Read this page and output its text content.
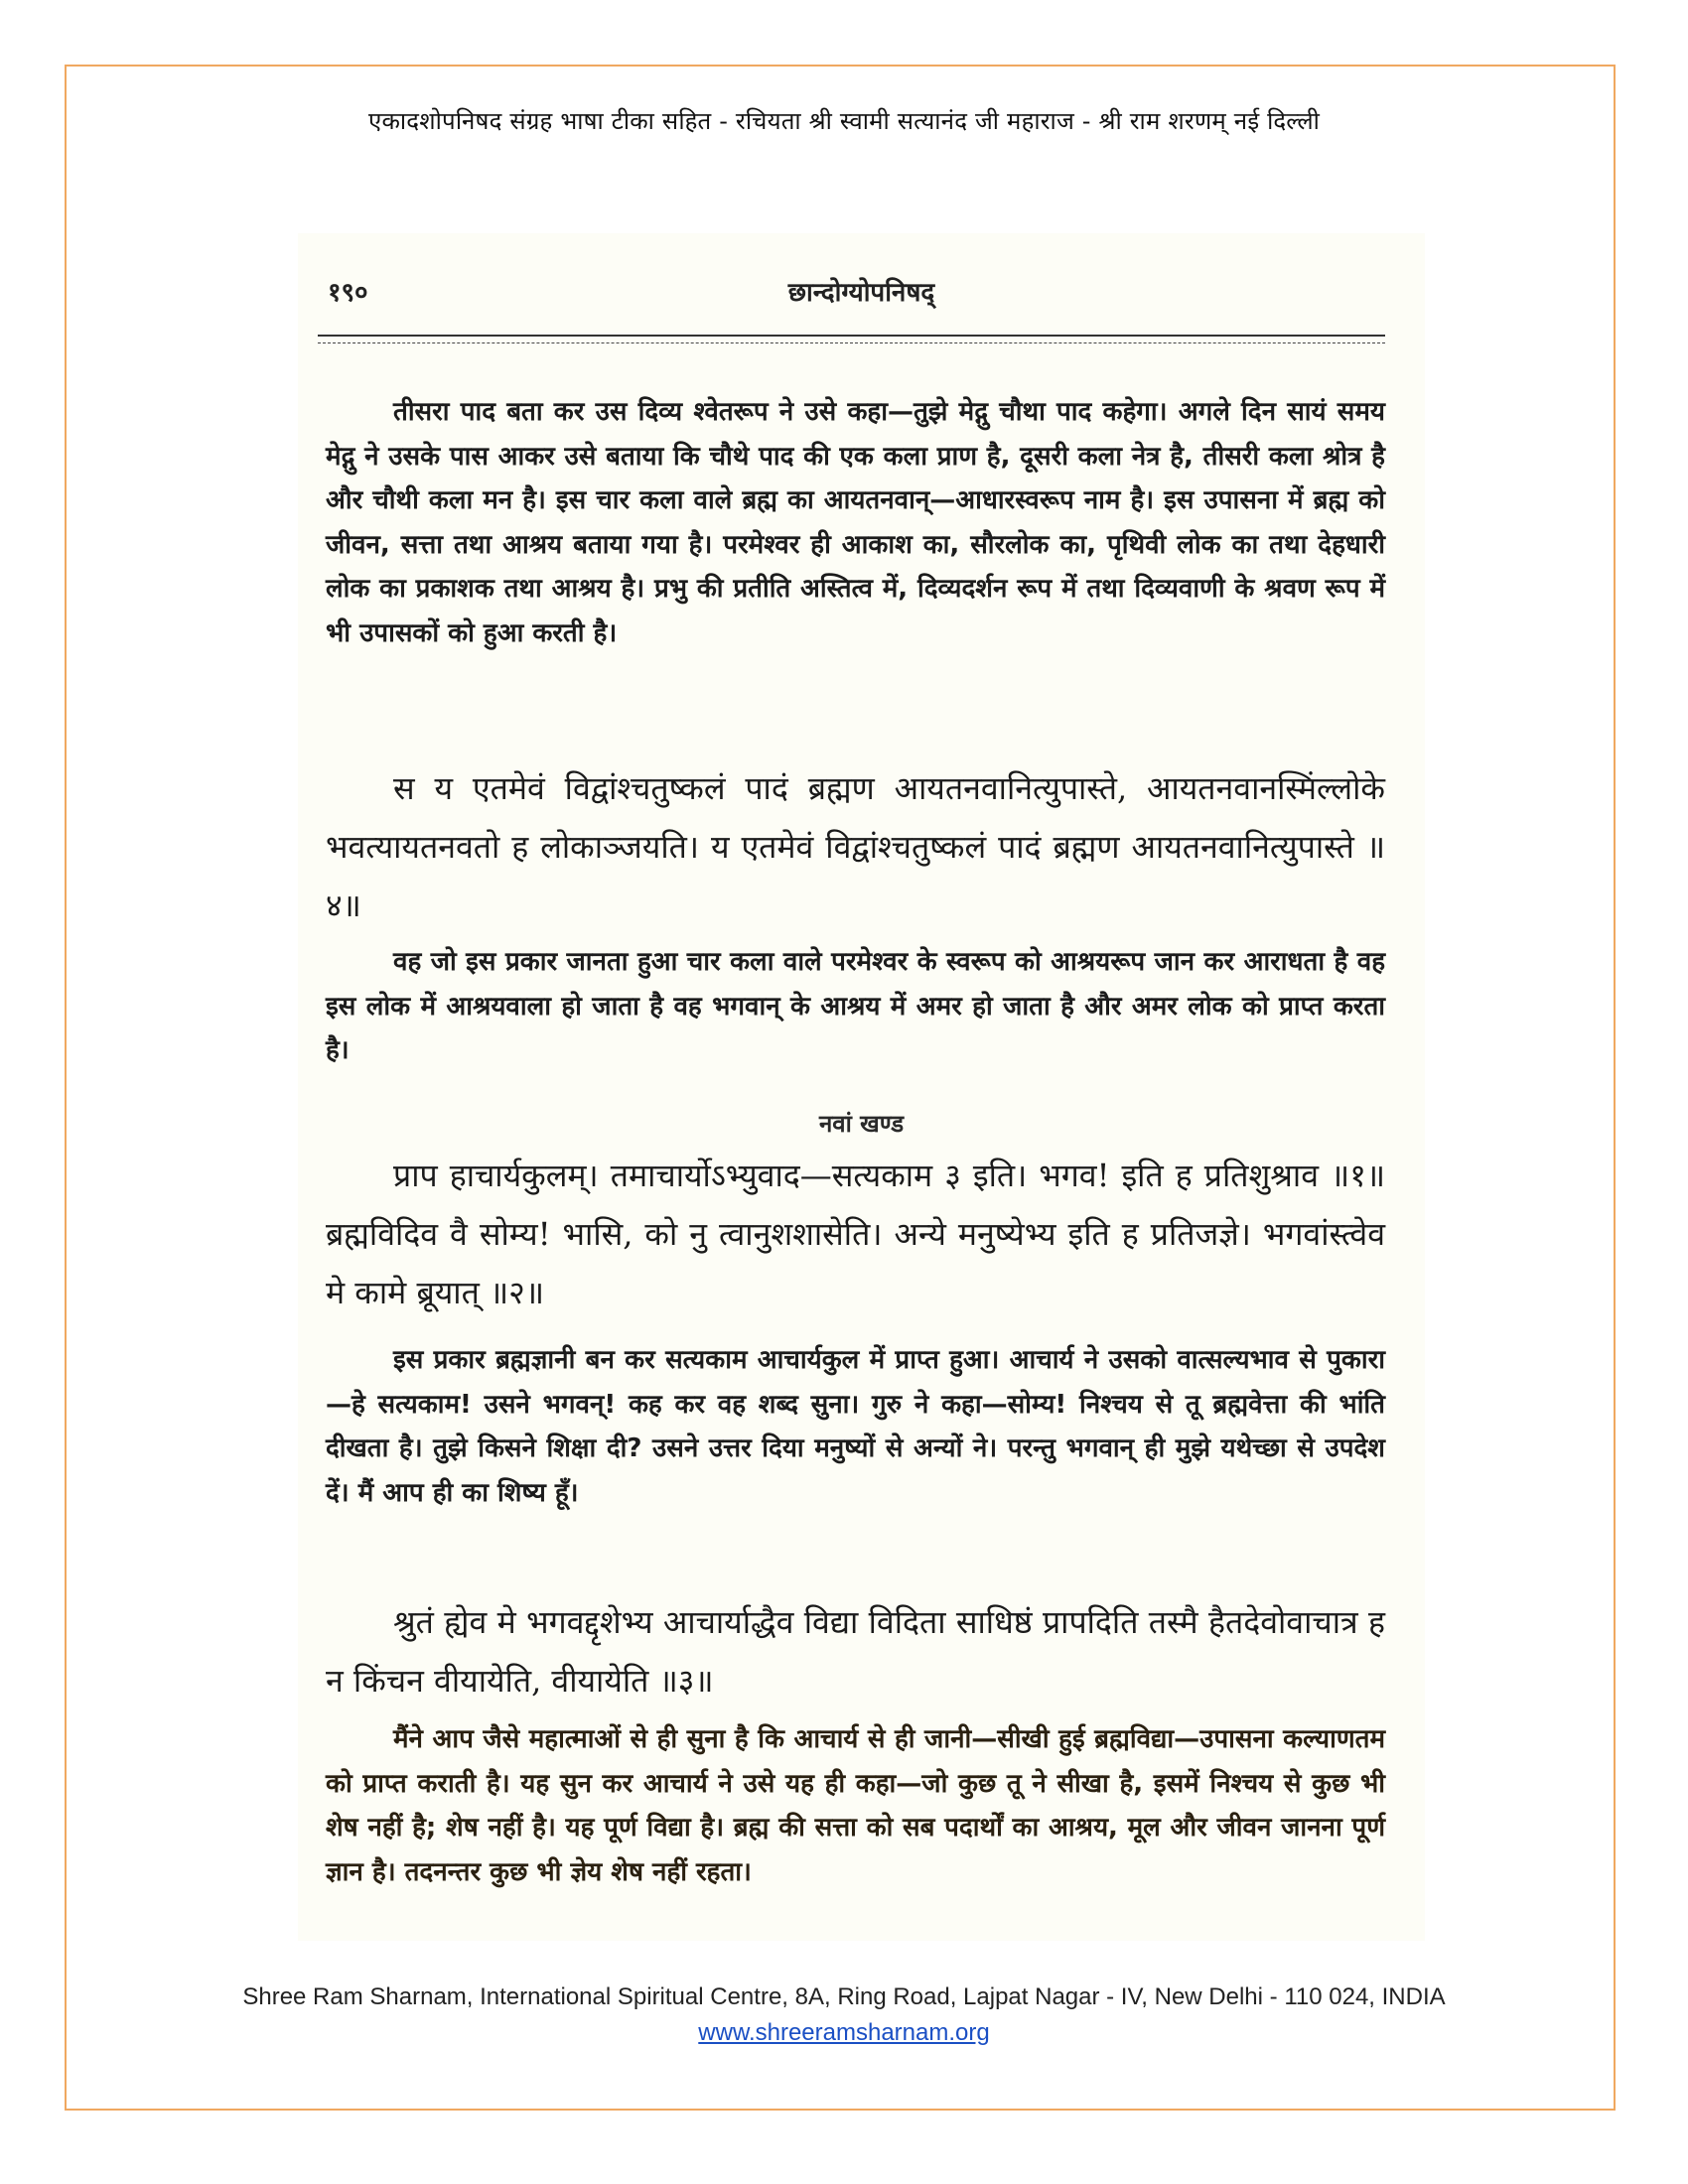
एकादशोपनिषद संग्रह भाषा टीका सहित - रचियता श्री स्वामी सत्यानंद जी महाराज - श्री राम शरणम् नई दिल्ली
१९०	छान्दोग्योपनिषद्

तीसरा पाद बता कर उस दिव्य श्वेतरूप ने उसे कहा—तुझे मेद्गु चौथा पाद कहेगा। अगले दिन सायं समय मेद्गु ने उसके पास आकर उसे बताया कि चौथे पाद की एक कला प्राण है, दूसरी कला नेत्र है, तीसरी कला श्रोत्र है और चौथी कला मन है। इस चार कला वाले ब्रह्म का आयतनवान्—आधारस्वरूप नाम है। इस उपासना में ब्रह्म को जीवन, सत्ता तथा आश्रय बताया गया है। परमेश्वर ही आकाश का, सौरलोक का, पृथिवी लोक का तथा देहधारी लोक का प्रकाशक तथा आश्रय है। प्रभु की प्रतीति अस्तित्व में, दिव्यदर्शन रूप में तथा दिव्यवाणी के श्रवण रूप में भी उपासकों को हुआ करती है।

स य एतमेवं विद्वांश्चतुष्कलं पादं ब्रह्मण आयतनवानित्युपास्ते, आयतनवानस्मिंल्लोके भवत्यायतनवतो ह लोकाञ्जयति। य एतमेवं विद्वांश्चतुष्कलं पादं ब्रह्मण आयतनवानित्युपास्ते ॥४॥

वह जो इस प्रकार जानता हुआ चार कला वाले परमेश्वर के स्वरूप को आश्रयरूप जान कर आराधता है वह इस लोक में आश्रयवाला हो जाता है वह भगवान् के आश्रय में अमर हो जाता है और अमर लोक को प्राप्त करता है।

नवां खण्ड

प्राप हाचार्यकुलम्। तमाचार्योऽभ्युवाद—सत्यकाम ३ इति। भगव! इति ह प्रतिशुश्राव ॥१॥ ब्रह्मविदिव वै सोम्य! भासि, को नु त्वानुशशासेति। अन्ये मनुष्येभ्य इति ह प्रतिजज्ञे। भगवांस्त्वेव मे कामे ब्रूयात् ॥२॥

इस प्रकार ब्रह्मज्ञानी बन कर सत्यकाम आचार्यकुल में प्राप्त हुआ। आचार्य ने उसको वात्सल्यभाव से पुकारा—हे सत्यकाम! उसने भगवन्! कह कर वह शब्द सुना। गुरु ने कहा—सोम्य! निश्चय से तू ब्रह्मवेत्ता की भांति दीखता है। तुझे किसने शिक्षा दी? उसने उत्तर दिया मनुष्यों से अन्यों ने। परन्तु भगवान् ही मुझे यथेच्छा से उपदेश दें। मैं आप ही का शिष्य हूँ।

श्रुतं ह्येव मे भगवद्दृशेभ्य आचार्याद्धैव विद्या विदिता साधिष्ठं प्रापदिति तस्मै हैतदेवोवाचात्र ह न किंचन वीयायेति, वीयायेति ॥३॥

मैंने आप जैसे महात्माओं से ही सुना है कि आचार्य से ही जानी—सीखी हुई ब्रह्मविद्या—उपासना कल्याणतम को प्राप्त कराती है। यह सुन कर आचार्य ने उसे यह ही कहा—जो कुछ तू ने सीखा है, इसमें निश्चय से कुछ भी शेष नहीं है; शेष नहीं है। यह पूर्ण विद्या है। ब्रह्म की सत्ता को सब पदार्थों का आश्रय, मूल और जीवन जानना पूर्ण ज्ञान है। तदनन्तर कुछ भी ज्ञेय शेष नहीं रहता।

Shree Ram Sharnam, International Spiritual Centre, 8A, Ring Road, Lajpat Nagar - IV, New Delhi - 110 024, INDIA
www.shreeramsharnam.org
